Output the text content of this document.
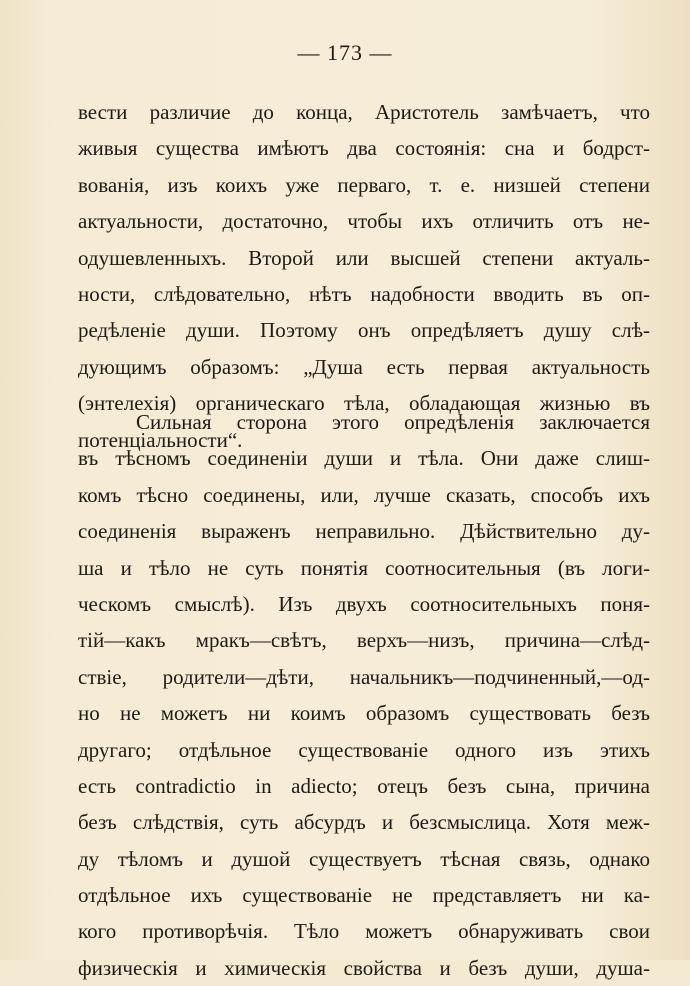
— 173 —
вести различие до конца, Аристотель замѣчаетъ, что
живыя существа имѣютъ два состоянія: сна и бодрст-
вованія, изъ коихъ уже перваго, т. е. низшей степени
актуальности, достаточно, чтобы ихъ отличить отъ не-
одушевленныхъ. Второй или высшей степени актуаль-
ности, слѣдовательно, нѣтъ надобности вводить въ оп-
редѣленіе души. Поэтому онъ опредѣляетъ душу слѣ-
дующимъ образомъ: „Душа есть первая актуальность
(энтелехія) органическаго тѣла, обладающая жизнью въ
потенціальности“.
Сильная сторона этого опредѣленія заключается
въ тѣсномъ соединеніи души и тѣла. Они даже слиш-
комъ тѣсно соединены, или, лучше сказать, способъ ихъ
соединенія выраженъ неправильно. Дѣйствительно ду-
ша и тѣло не суть понятія соотносительныя (въ логи-
ческомъ смыслѣ). Изъ двухъ соотносительныхъ поня-
тій—какъ мракъ—свѣтъ, верхъ—низъ, причина—слѣд-
ствіе, родители—дѣти, начальникъ—подчиненный,—од-
но не можетъ ни коимъ образомъ существовать безъ
другаго; отдѣльное существованіе одного изъ этихъ
есть contradictio in adiecto; отецъ безъ сына, причина
безъ слѣдствія, суть абсурдъ и безсмыслица. Хотя меж-
ду тѣломъ и душой существуетъ тѣсная связь, однако
отдѣльное ихъ существованіе не представляетъ ни ка-
кого противорѣчія. Тѣло можетъ обнаруживать свои
физическія и химическія свойства и безъ души, душа-
